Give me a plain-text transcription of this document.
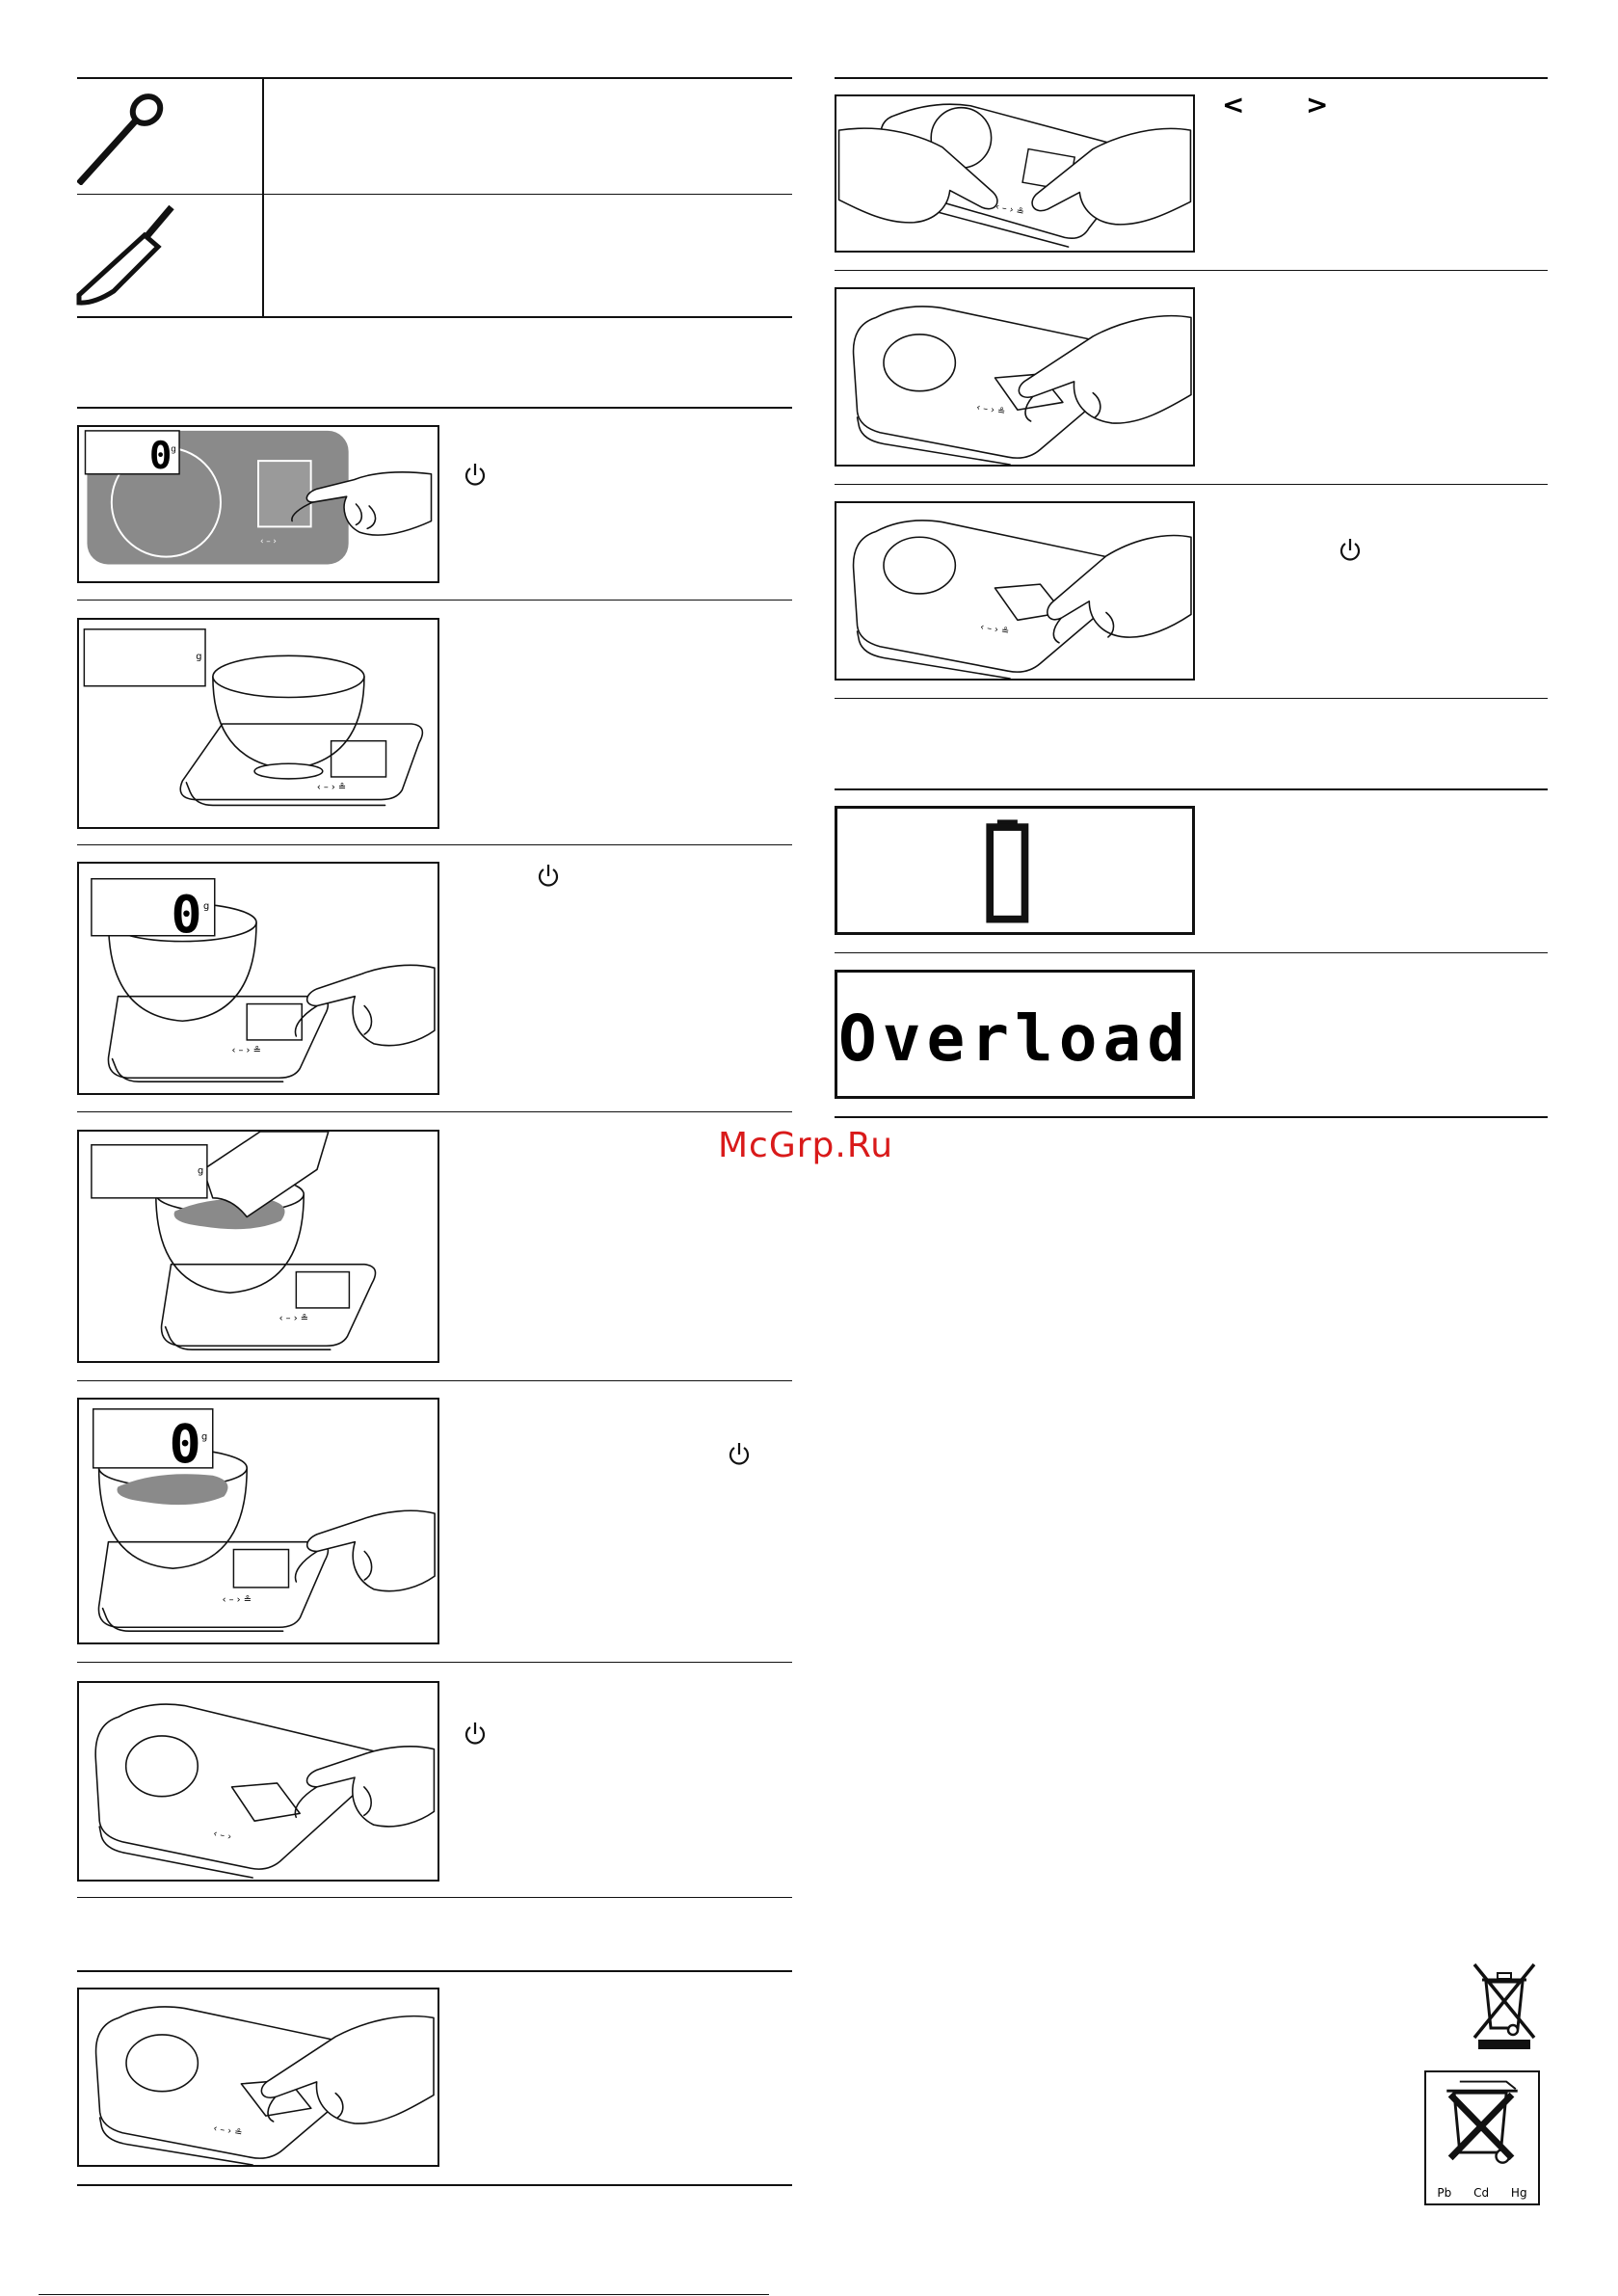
‹ – ›
0
g
‹ – › ≗
g
‹ – › ≗
0 g
‹ – › ≗
g
‹ – › ≗
0 g
‹ – ›
‹ – › ≗
‹ – › ≗
< >
‹ – › ≗
‹ – › ≗
Overload
McGrp.Ru
Pb Cd Hg
